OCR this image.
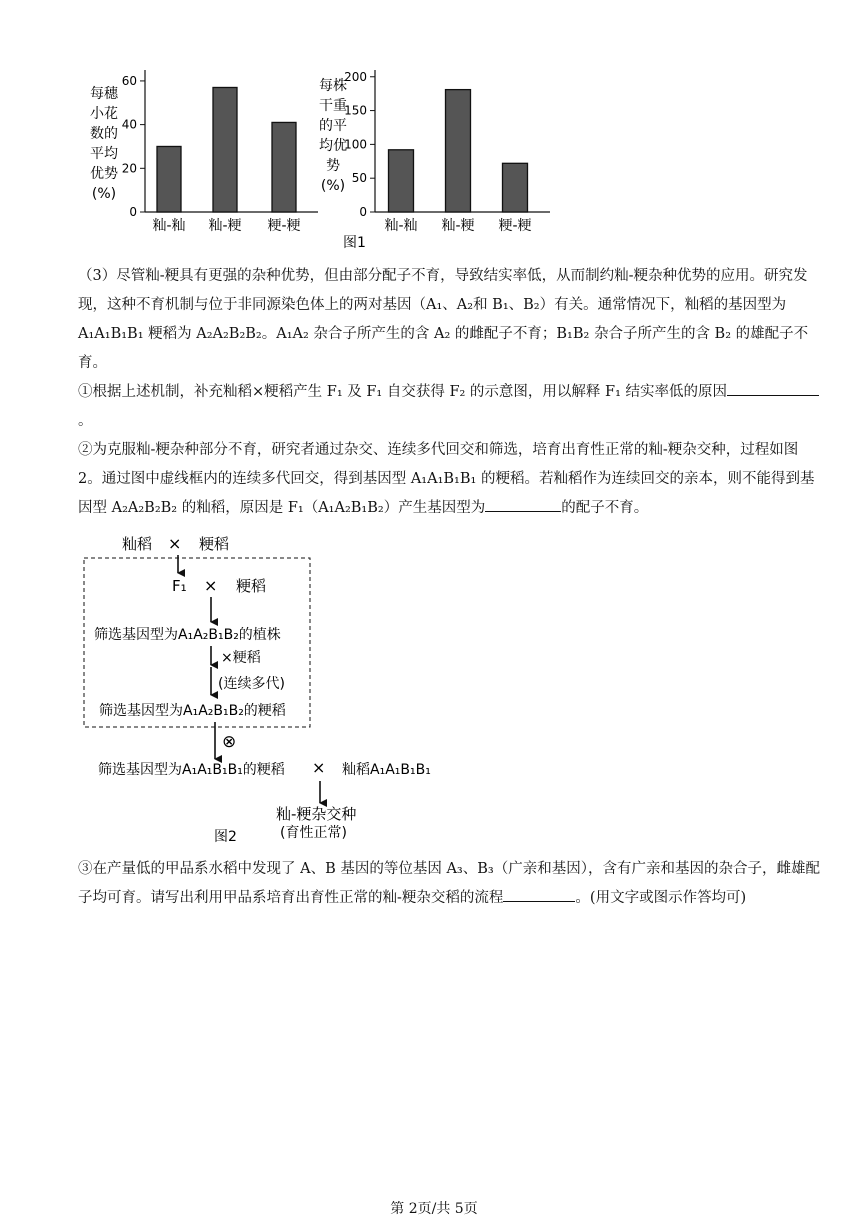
0
20
40
60
籼-籼 籼-粳 粳-粳
每穗
小花
数的
平均
优势
(%)
0
50
100
150
200
籼-籼 籼-粳 粳-粳
每株
干重
的平
均优
势
(%)
图1

（3）尽管籼-粳具有更强的杂种优势，但由部分配子不育，导致结实率低，从而制约籼-粳杂种优势的应用。研究发现，这种不育机制与位于非同源染色体上的两对基因（A₁、A₂和 B₁、B₂）有关。通常情况下，籼稻的基因型为 A₁A₁B₁B₁ 粳稻为 A₂A₂B₂B₂。A₁A₂ 杂合子所产生的含 A₂ 的雌配子不育；B₁B₂ 杂合子所产生的含 B₂ 的雄配子不育。

①根据上述机制，补充籼稻×粳稻产生 F₁ 及 F₁ 自交获得 F₂ 的示意图，用以解释 F₁ 结实率低的原因。

②为克服籼-粳杂种部分不育，研究者通过杂交、连续多代回交和筛选，培育出育性正常的籼-粳杂交种，过程如图 2。通过图中虚线框内的连续多代回交，得到基因型 A₁A₁B₁B₁ 的粳稻。若籼稻作为连续回交的亲本，则不能得到基因型 A₂A₂B₂B₂ 的籼稻，原因是 F₁（A₁A₂B₁B₂）产生基因型为	的配子不育。

籼稻 × 粳稻
F₁ × 粳稻
筛选基因型为A₁A₂B₁B₂的植株
×粳稻
(连续多代)
筛选基因型为A₁A₂B₁B₂的粳稻
⊗
筛选基因型为A₁A₁B₁B₁的粳稻 × 籼稻A₁A₁B₁B₁
籼-粳杂交种
图2	(育性正常)

③在产量低的甲品系水稻中发现了 A、B 基因的等位基因 A₃、B₃（广亲和基因），含有广亲和基因的杂合子，雌雄配子均可育。请写出利用甲品系培育出育性正常的籼-粳杂交稻的流程	。(用文字或图示作答均可)

第 2页/共 5页
